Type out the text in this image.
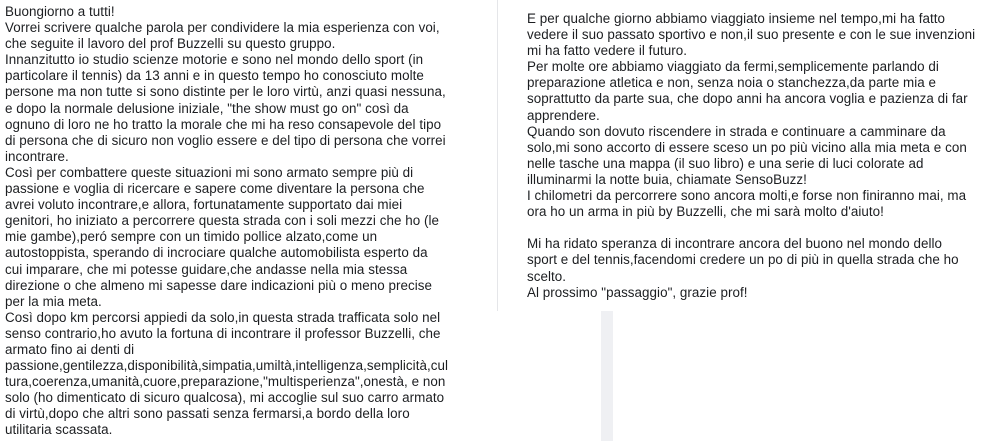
Buongiorno a tutti!
Vorrei scrivere qualche parola per condividere la mia esperienza con voi,
che seguite il lavoro del prof Buzzelli su questo gruppo.
Innanzitutto io studio scienze motorie e sono nel mondo dello sport (in
particolare il tennis) da 13 anni e in questo tempo ho conosciuto molte
persone ma non tutte si sono distinte per le loro virtù, anzi quasi nessuna,
e dopo la normale delusione iniziale, "the show must go on" così da
ognuno di loro ne ho tratto la morale che mi ha reso consapevole del tipo
di persona che di sicuro non voglio essere e del tipo di persona che vorrei
incontrare.
Così per combattere queste situazioni mi sono armato sempre più di
passione e voglia di ricercare e sapere come diventare la persona che
avrei voluto incontrare,e allora, fortunatamente supportato dai miei
genitori, ho iniziato a percorrere questa strada con i soli mezzi che ho (le
mie gambe),peró sempre con un timido pollice alzato,come un
autostoppista, sperando di incrociare qualche automobilista esperto da
cui imparare, che mi potesse guidare,che andasse nella mia stessa
direzione o che almeno mi sapesse dare indicazioni più o meno precise
per la mia meta.
Così dopo km percorsi appiedi da solo,in questa strada trafficata solo nel
senso contrario,ho avuto la fortuna di incontrare il professor Buzzelli, che
armato fino ai denti di
passione,gentilezza,disponibilità,simpatia,umiltà,intelligenza,semplicità,cul
tura,coerenza,umanità,cuore,preparazione,"multisperienza",onestà, e non
solo (ho dimenticato di sicuro qualcosa), mi accoglie sul suo carro armato
di virtù,dopo che altri sono passati senza fermarsi,a bordo della loro
utilitaria scassata.
E per qualche giorno abbiamo viaggiato insieme nel tempo,mi ha fatto
vedere il suo passato sportivo e non,il suo presente e con le sue invenzioni
mi ha fatto vedere il futuro.
Per molte ore abbiamo viaggiato da fermi,semplicemente parlando di
preparazione atletica e non, senza noia o stanchezza,da parte mia e
soprattutto da parte sua, che dopo anni ha ancora voglia e pazienza di far
apprendere.
Quando son dovuto riscendere in strada e continuare a camminare da
solo,mi sono accorto di essere sceso un po più vicino alla mia meta e con
nelle tasche una mappa (il suo libro) e una serie di luci colorate ad
illuminarmi la notte buia, chiamate SensoBuzz!
I chilometri da percorrere sono ancora molti,e forse non finiranno mai, ma
ora ho un arma in più by Buzzelli, che mi sarà molto d'aiuto!
Mi ha ridato speranza di incontrare ancora del buono nel mondo dello
sport e del tennis,facendomi credere un po di più in quella strada che ho
scelto.
Al prossimo "passaggio", grazie prof!
